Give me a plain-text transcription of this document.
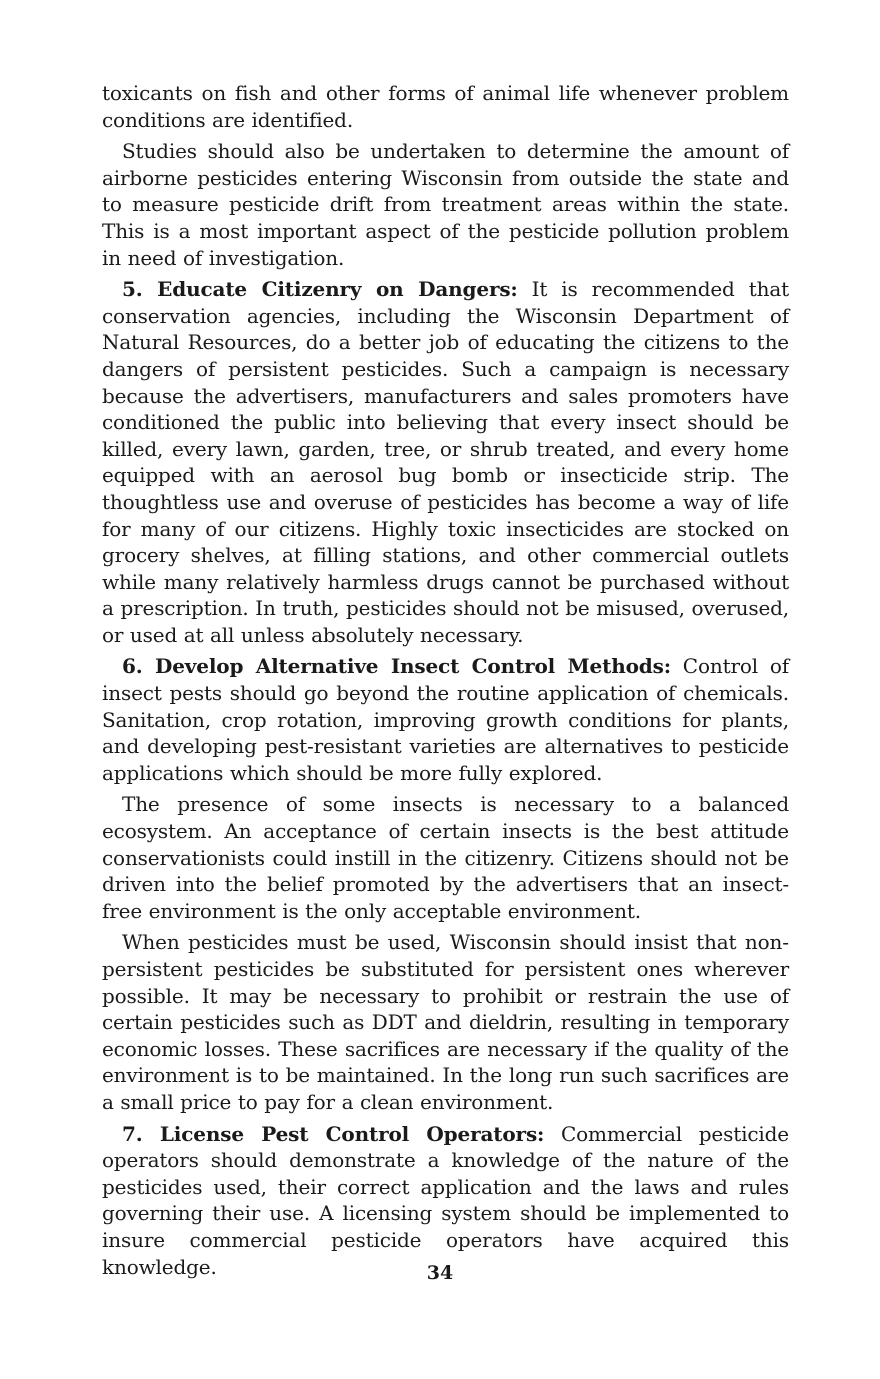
toxicants on fish and other forms of animal life whenever problem conditions are identified.

Studies should also be undertaken to determine the amount of airborne pesticides entering Wisconsin from outside the state and to measure pesticide drift from treatment areas within the state. This is a most important aspect of the pesticide pollution problem in need of investigation.

5. Educate Citizenry on Dangers: It is recommended that conservation agencies, including the Wisconsin Department of Natural Resources, do a better job of educating the citizens to the dangers of persistent pesticides. Such a campaign is necessary because the advertisers, manufacturers and sales promoters have conditioned the public into believing that every insect should be killed, every lawn, garden, tree, or shrub treated, and every home equipped with an aerosol bug bomb or insecticide strip. The thoughtless use and overuse of pesticides has become a way of life for many of our citizens. Highly toxic insecticides are stocked on grocery shelves, at filling stations, and other commercial outlets while many relatively harmless drugs cannot be purchased without a prescription. In truth, pesticides should not be misused, overused, or used at all unless absolutely necessary.

6. Develop Alternative Insect Control Methods: Control of insect pests should go beyond the routine application of chemicals. Sanitation, crop rotation, improving growth conditions for plants, and developing pest-resistant varieties are alternatives to pesticide applications which should be more fully explored.

The presence of some insects is necessary to a balanced ecosystem. An acceptance of certain insects is the best attitude conservationists could instill in the citizenry. Citizens should not be driven into the belief promoted by the advertisers that an insect-free environment is the only acceptable environment.

When pesticides must be used, Wisconsin should insist that nonpersistent pesticides be substituted for persistent ones wherever possible. It may be necessary to prohibit or restrain the use of certain pesticides such as DDT and dieldrin, resulting in temporary economic losses. These sacrifices are necessary if the quality of the environment is to be maintained. In the long run such sacrifices are a small price to pay for a clean environment.

7. License Pest Control Operators: Commercial pesticide operators should demonstrate a knowledge of the nature of the pesticides used, their correct application and the laws and rules governing their use. A licensing system should be implemented to insure commercial pesticide operators have acquired this knowledge.	34
